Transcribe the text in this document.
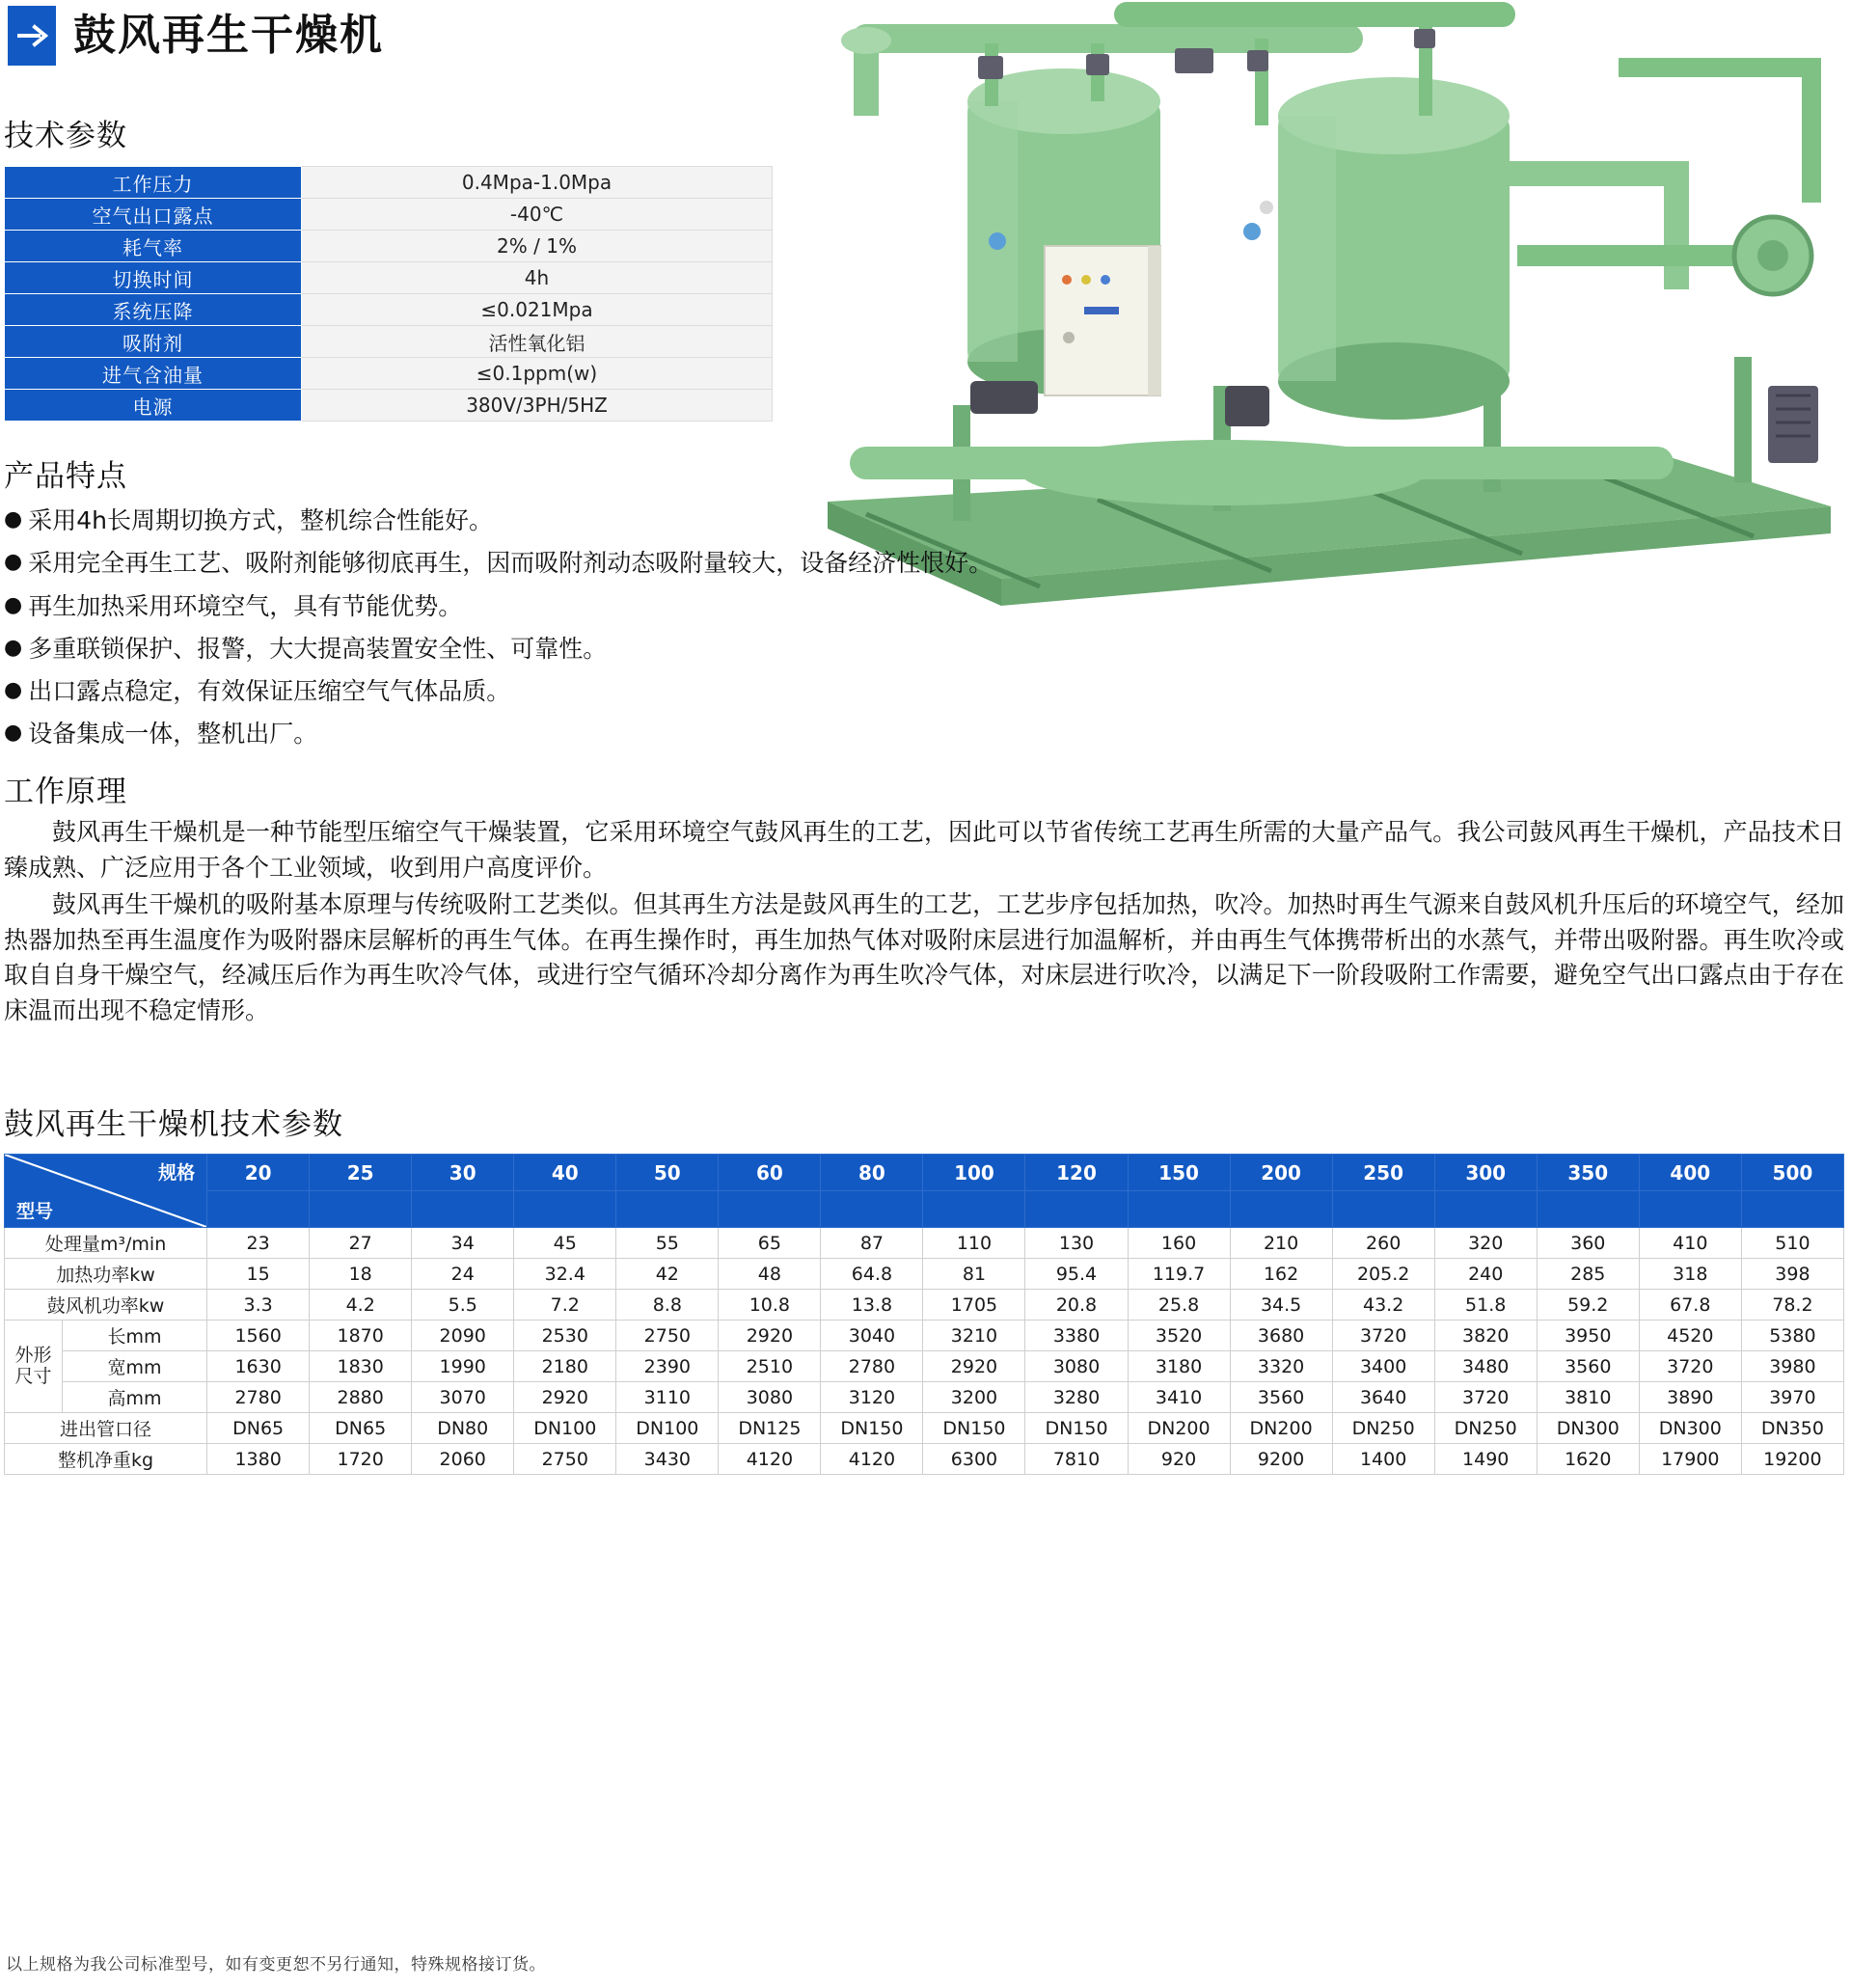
鼓风再生干燥机
技术参数
工作压力	0.4Mpa-1.0Mpa
空气出口露点	-40℃
耗气率	2% / 1%
切换时间	4h
系统压降	≤0.021Mpa
吸附剂	活性氧化铝
进气含油量	≤0.1ppm(w)
电源	380V/3PH/5HZ
产品特点
● 采用4h长周期切换方式，整机综合性能好。
● 采用完全再生工艺、吸附剂能够彻底再生，因而吸附剂动态吸附量较大，设备经济性恨好。
● 再生加热采用环境空气，具有节能优势。
● 多重联锁保护、报警，大大提高装置安全性、可靠性。
● 出口露点稳定，有效保证压缩空气气体品质。
● 设备集成一体，整机出厂。
工作原理

鼓风再生干燥机是一种节能型压缩空气干燥装置，它采用环境空气鼓风再生的工艺，因此可以节省传统工艺再生所需的大量产品气。我公司鼓风再生干燥机，产品技术日臻成熟、广泛应用于各个工业领域，收到用户高度评价。

鼓风再生干燥机的吸附基本原理与传统吸附工艺类似。但其再生方法是鼓风再生的工艺，工艺步序包括加热，吹冷。加热时再生气源来自鼓风机升压后的环境空气，经加热器加热至再生温度作为吸附器床层解析的再生气体。在再生操作时，再生加热气体对吸附床层进行加温解析，并由再生气体携带析出的水蒸气，并带出吸附器。再生吹冷或取自自身干燥空气，经减压后作为再生吹冷气体，或进行空气循环冷却分离作为再生吹冷气体，对床层进行吹冷，以满足下一阶段吸附工作需要，避免空气出口露点由于存在床温而出现不稳定情形。

鼓风再生干燥机技术参数
规格
型号		20	25	30	40	50	60	80	100	120	150	200	250	300	350	400	500

处理量m³/min		23	27	34	45	55	65	87	110	130	160	210	260	320	360	410	510
加热功率kw		15	18	24	32.4	42	48	64.8	81	95.4	119.7	162	205.2	240	285	318	398
鼓风机功率kw		3.3	4.2	5.5	7.2	8.8	10.8	13.8	1705	20.8	25.8	34.5	43.2	51.8	59.2	67.8	78.2

外形
尺寸	长mm	1560	1870	2090	2530	2750	2920	3040	3210	3380	3520	3680	3720	3820	3950	4520	5380
	宽mm	1630	1830	1990	2180	2390	2510	2780	2920	3080	3180	3320	3400	3480	3560	3720	3980
	高mm	2780	2880	3070	2920	3110	3080	3120	3200	3280	3410	3560	3640	3720	3810	3890	3970
进出管口径		DN65	DN65	DN80	DN100	DN100	DN125	DN150	DN150	DN150	DN200	DN200	DN250	DN250	DN300	DN300	DN350
整机净重kg		1380	1720	2060	2750	3430	4120	4120	6300	7810	920	9200	1400	1490	1620	17900	19200
以上规格为我公司标准型号，如有变更恕不另行通知，特殊规格接订货。
